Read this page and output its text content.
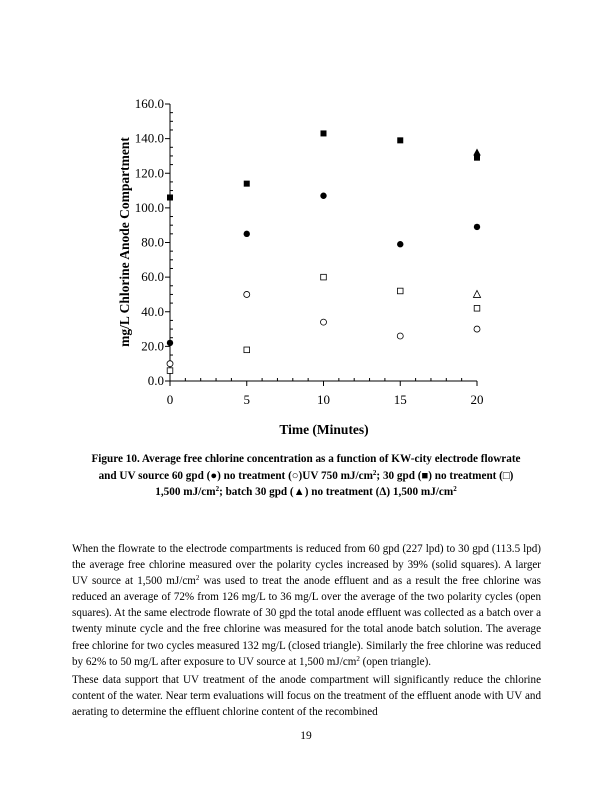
0.0
20.0
40.0
60.0
80.0
100.0
120.0
140.0
160.0
0	5	10	15	20
Time (Minutes)
mg/L Chlorine Anode Compartment
Figure 10. Average free chlorine concentration as a function of KW-city electrode flowrate
and UV source 60 gpd (●) no treatment (○)UV 750 $mJ/cm^2$; 30 gpd (■) no treatment (□)
1,500 $mJ/cm^2$; batch 30 gpd (▲) no treatment (Δ) 1,500 $mJ/cm^2$

When the flowrate to the electrode compartments is reduced from 60 gpd (227 lpd) to 30 gpd (113.5 lpd) the average free chlorine measured over the polarity cycles increased by 39% (solid squares). A larger UV source at 1,500 $mJ/cm^2$ was used to treat the anode effluent and as a result the free chlorine was reduced an average of 72% from 126 mg/L to 36 mg/L over the average of the two polarity cycles (open squares). At the same electrode flowrate of 30 gpd the total anode effluent was collected as a batch over a twenty minute cycle and the free chlorine was measured for the total anode batch solution. The average free chlorine for two cycles measured 132 mg/L (closed triangle). Similarly the free chlorine was reduced by 62% to 50 mg/L after exposure to UV source at 1,500 $mJ/cm^2$ (open triangle).

These data support that UV treatment of the anode compartment will significantly reduce the chlorine content of the water. Near term evaluations will focus on the treatment of the effluent anode with UV and aerating to determine the effluent chlorine content of the recombined

19
